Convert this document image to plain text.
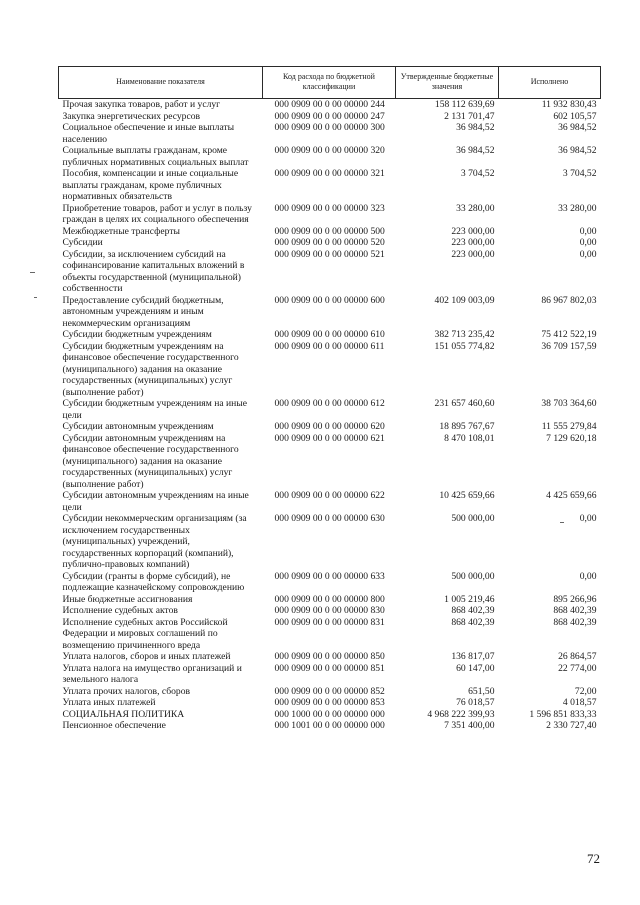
Наименование показателя	Код расхода по бюджетной классификации	Утвержденные бюджетные значения	Исполнено
Прочая закупка товаров, работ и услуг	000 0909 00 0 00 00000 244	158 112 639,69	11 932 830,43
Закупка энергетических ресурсов	000 0909 00 0 00 00000 247	2 131 701,47	602 105,57
Социальное обеспечение и иные выплаты населению	000 0909 00 0 00 00000 300	36 984,52	36 984,52
Социальные выплаты гражданам, кроме публичных нормативных социальных выплат	000 0909 00 0 00 00000 320	36 984,52	36 984,52
Пособия, компенсации и иные социальные выплаты гражданам, кроме публичных нормативных обязательств	000 0909 00 0 00 00000 321	3 704,52	3 704,52
Приобретение товаров, работ и услуг в пользу граждан в целях их социального обеспечения	000 0909 00 0 00 00000 323	33 280,00	33 280,00
Межбюджетные трансферты	000 0909 00 0 00 00000 500	223 000,00	0,00
Субсидии	000 0909 00 0 00 00000 520	223 000,00	0,00
Субсидии, за исключением субсидий на софинансирование капитальных вложений в объекты государственной (муниципальной) собственности	000 0909 00 0 00 00000 521	223 000,00	0,00
Предоставление субсидий бюджетным, автономным учреждениям и иным некоммерческим организациям	000 0909 00 0 00 00000 600	402 109 003,09	86 967 802,03
Субсидии бюджетным учреждениям	000 0909 00 0 00 00000 610	382 713 235,42	75 412 522,19
Субсидии бюджетным учреждениям на финансовое обеспечение государственного (муниципального) задания на оказание государственных (муниципальных) услуг (выполнение работ)	000 0909 00 0 00 00000 611	151 055 774,82	36 709 157,59
Субсидии бюджетным учреждениям на иные цели	000 0909 00 0 00 00000 612	231 657 460,60	38 703 364,60
Субсидии автономным учреждениям	000 0909 00 0 00 00000 620	18 895 767,67	11 555 279,84
Субсидии автономным учреждениям на финансовое обеспечение государственного (муниципального) задания на оказание государственных (муниципальных) услуг (выполнение работ)	000 0909 00 0 00 00000 621	8 470 108,01	7 129 620,18
Субсидии автономным учреждениям на иные цели	000 0909 00 0 00 00000 622	10 425 659,66	4 425 659,66
Субсидии некоммерческим организациям (за исключением государственных (муниципальных) учреждений, государственных корпораций (компаний), публично-правовых компаний)	000 0909 00 0 00 00000 630	500 000,00	0,00
Субсидии (гранты в форме субсидий), не подлежащие казначейскому сопровождению	000 0909 00 0 00 00000 633	500 000,00	0,00
Иные бюджетные ассигнования	000 0909 00 0 00 00000 800	1 005 219,46	895 266,96
Исполнение судебных актов	000 0909 00 0 00 00000 830	868 402,39	868 402,39
Исполнение судебных актов Российской Федерации и мировых соглашений по возмещению причиненного вреда	000 0909 00 0 00 00000 831	868 402,39	868 402,39
Уплата налогов, сборов и иных платежей	000 0909 00 0 00 00000 850	136 817,07	26 864,57
Уплата налога на имущество организаций и земельного налога	000 0909 00 0 00 00000 851	60 147,00	22 774,00
Уплата прочих налогов, сборов	000 0909 00 0 00 00000 852	651,50	72,00
Уплата иных платежей	000 0909 00 0 00 00000 853	76 018,57	4 018,57
СОЦИАЛЬНАЯ ПОЛИТИКА	000 1000 00 0 00 00000 000	4 968 222 399,93	1 596 851 833,33
Пенсионное обеспечение	000 1001 00 0 00 00000 000	7 351 400,00	2 330 727,40
72
